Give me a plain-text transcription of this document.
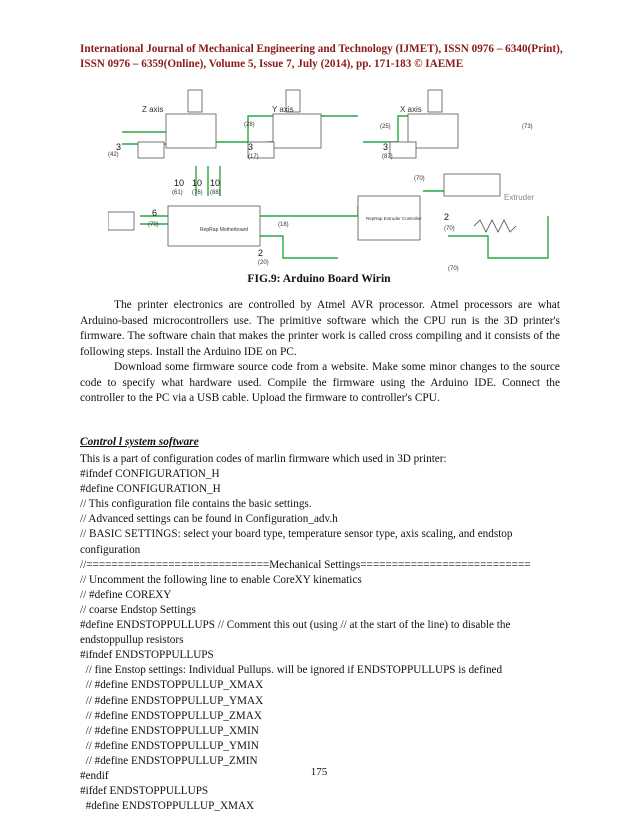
International Journal of Mechanical Engineering and Technology (IJMET), ISSN 0976 – 6340(Print),
ISSN 0976 – 6359(Online), Volume 5, Issue 7, July (2014), pp. 171-183 © IAEME
Z axis	Y axis	X axis
Extruder
RepRap Motherboard
RepRap Extruder Controller
3	3	3
10 10 10
6	2
2
(28)	(25)	(73)
(42)	(17)	(87)
(61) (76) (88)
(70)
(18)
(70)
(20)
(70)
(70)
FIG.9: Arduino Board Wirin

The printer electronics are controlled by Atmel AVR processor. Atmel processors are what Arduino-based microcontrollers use. The primitive software which the CPU run is the 3D printer's firmware. The software chain that makes the printer work is called cross compiling and it consists of the following steps. Install the Arduino IDE on PC.

Download some firmware source code from a website. Make some minor changes to the source code to specify what hardware used. Compile the firmware using the Arduino IDE. Connect the controller to the PC via a USB cable. Upload the firmware to controller's CPU.

Control l system software
This is a part of configuration codes of marlin firmware which used in 3D printer:
#ifndef CONFIGURATION_H
#define CONFIGURATION_H
// This configuration file contains the basic settings.
// Advanced settings can be found in Configuration_adv.h
// BASIC SETTINGS: select your board type, temperature sensor type, axis scaling, and endstop
configuration
//=============================Mechanical Settings===========================
// Uncomment the following line to enable CoreXY kinematics
// #define COREXY
// coarse Endstop Settings
#define ENDSTOPPULLUPS // Comment this out (using // at the start of the line) to disable the
endstoppullup resistors
#ifndef ENDSTOPPULLUPS
// fine Enstop settings: Individual Pullups. will be ignored if ENDSTOPPULLUPS is defined
// #define ENDSTOPPULLUP_XMAX
// #define ENDSTOPPULLUP_YMAX
// #define ENDSTOPPULLUP_ZMAX
// #define ENDSTOPPULLUP_XMIN
// #define ENDSTOPPULLUP_YMIN
// #define ENDSTOPPULLUP_ZMIN
#endif
#ifdef ENDSTOPPULLUPS
#define ENDSTOPPULLUP_XMAX
175
